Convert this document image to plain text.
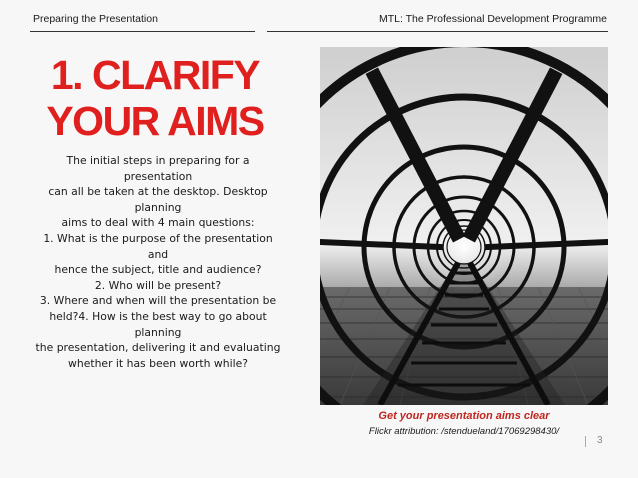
Preparing the Presentation	MTL: The Professional Development Programme
1. CLARIFY
YOUR AIMS
The initial steps in preparing for a presentation
can all be taken at the desktop. Desktop planning
aims to deal with 4 main questions:
1. What is the purpose of the presentation and
hence the subject, title and audience?
2. Who will be present?
3. Where and when will the presentation be
held?4. How is the best way to go about planning
the presentation, delivering it and evaluating
whether it has been worth while?
Get your presentation aims clear
Flickr attribution: /stendueland/17069298430/
3
